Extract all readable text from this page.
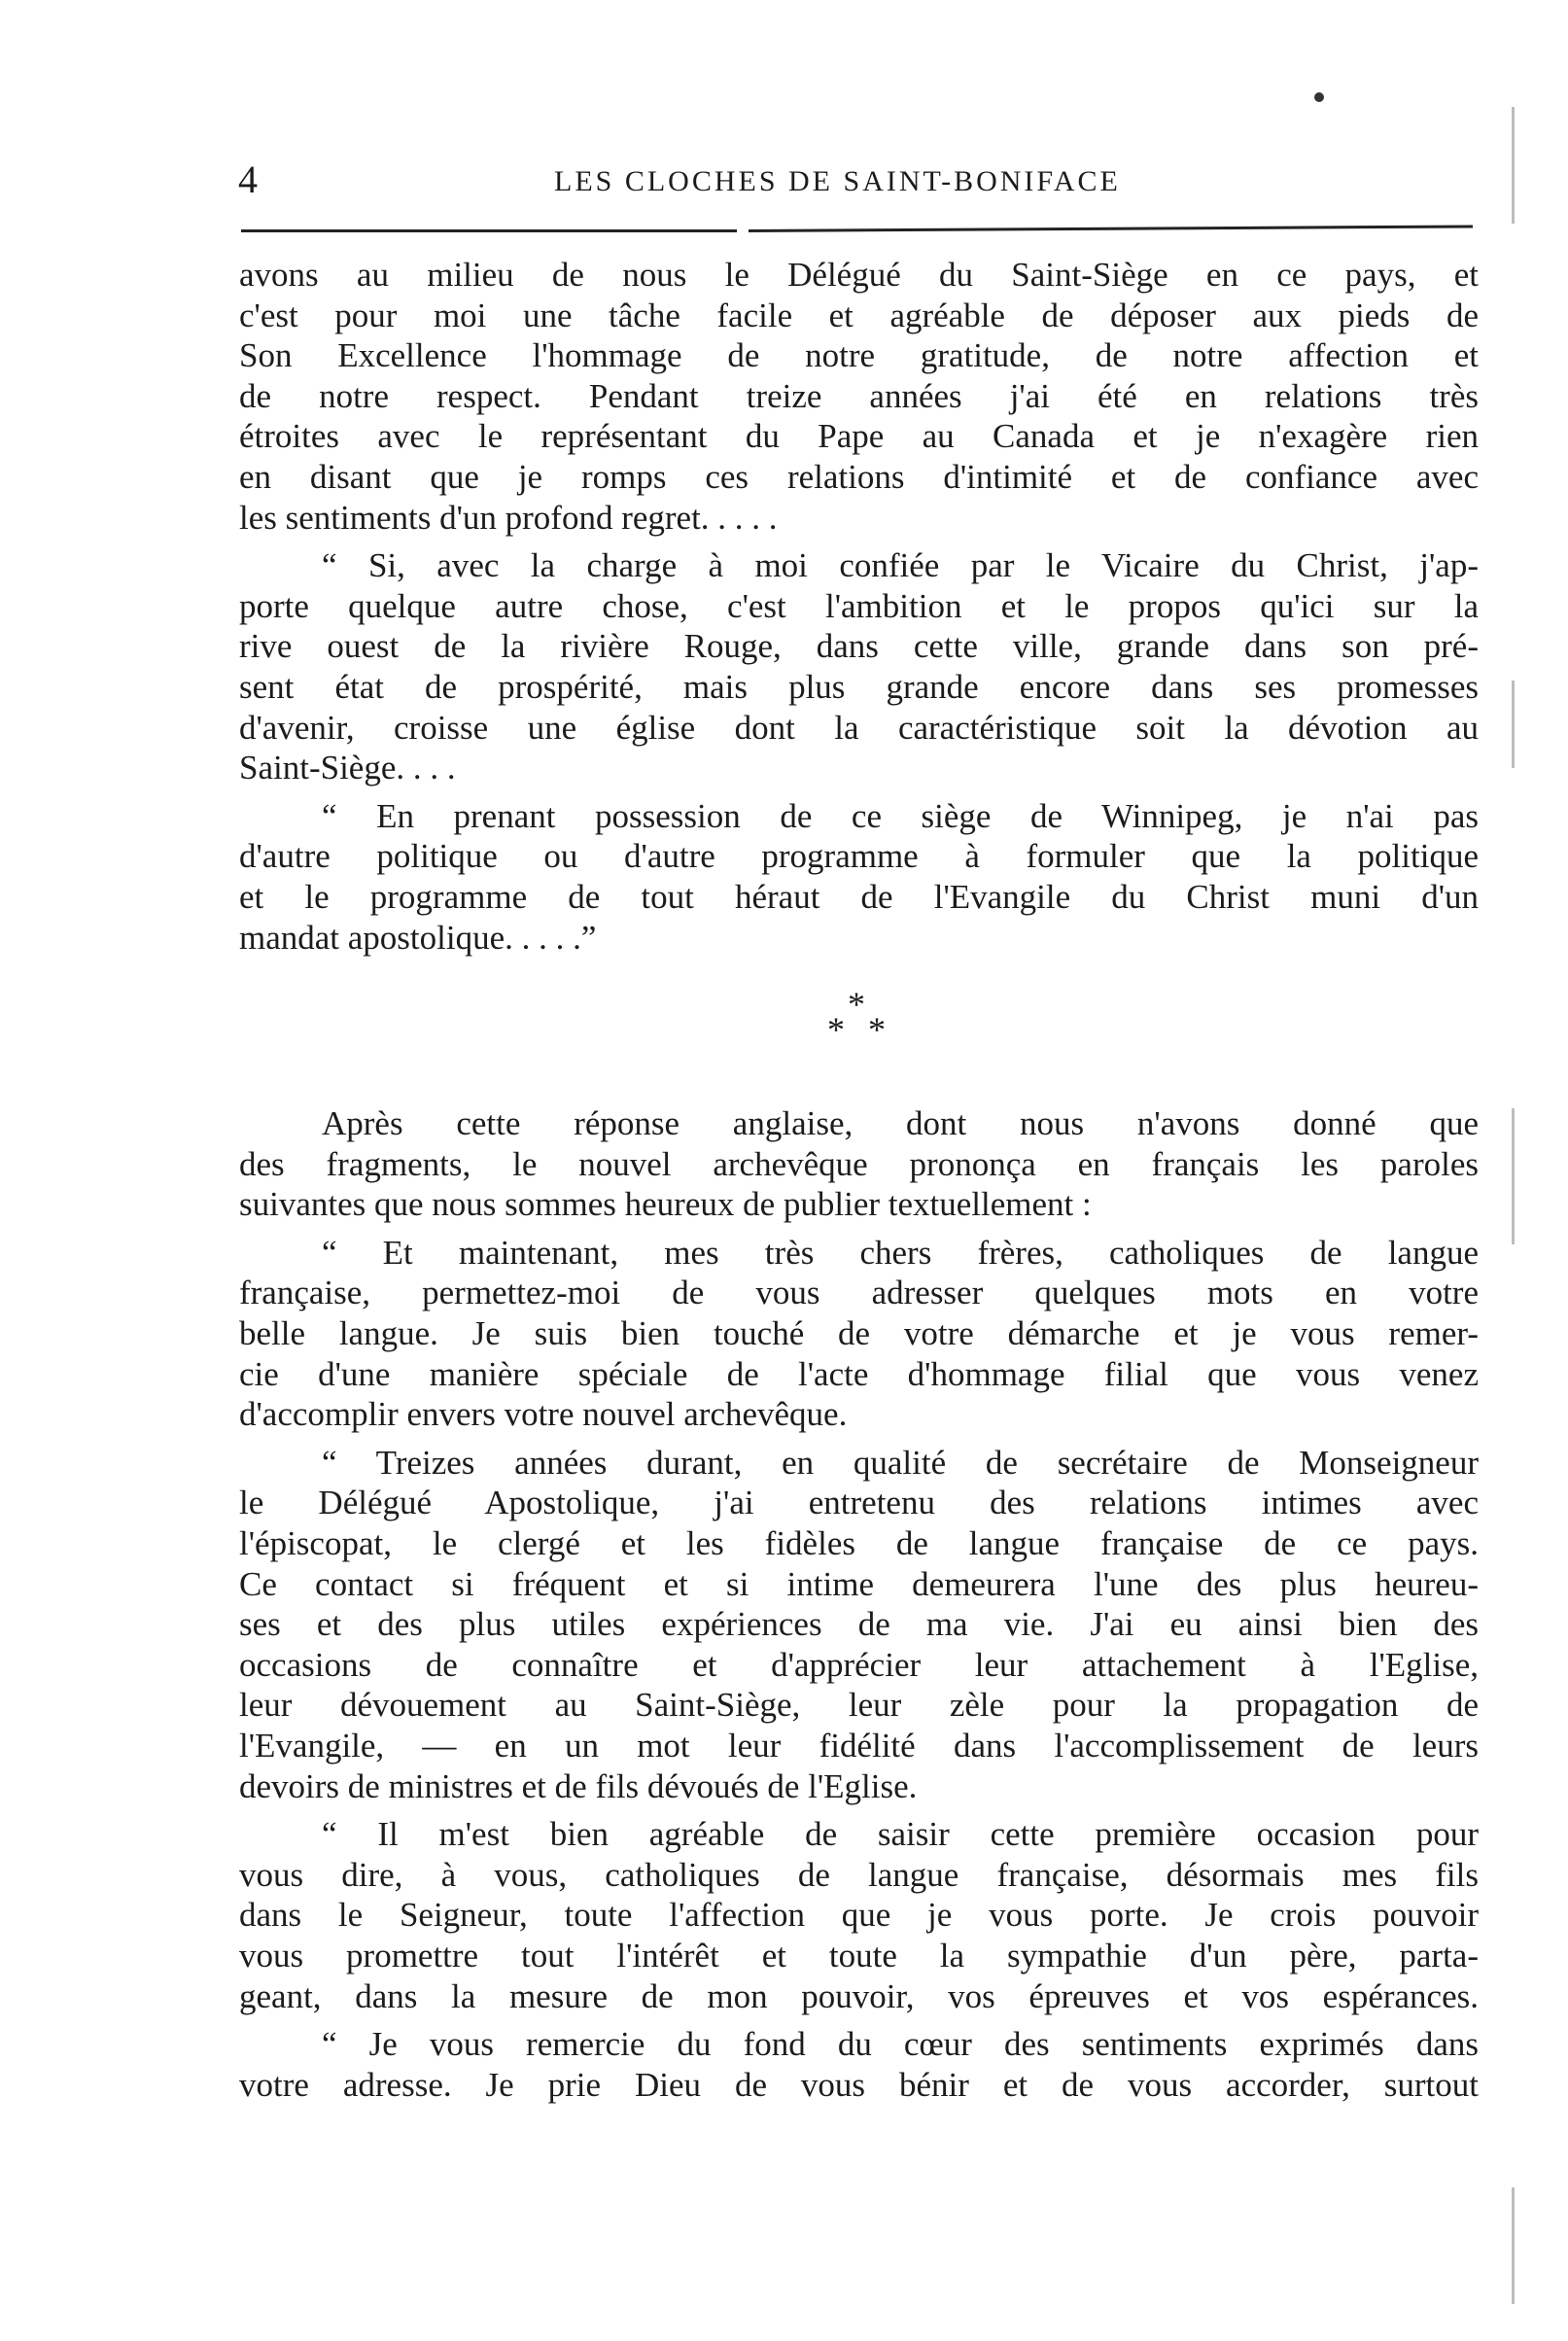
4	LES CLOCHES DE SAINT-BONIFACE
avons au milieu de nous le Délégué du Saint-Siège en ce pays, et
c'est pour moi une tâche facile et agréable de déposer aux pieds de
Son Excellence l'hommage de notre gratitude, de notre affection et
de notre respect. Pendant treize années j'ai été en relations très
étroites avec le représentant du Pape au Canada et je n'exagère rien
en disant que je romps ces relations d'intimité et de confiance avec
les sentiments d'un profond regret. . . . .
“ Si, avec la charge à moi confiée par le Vicaire du Christ, j'ap-
porte quelque autre chose, c'est l'ambition et le propos qu'ici sur la
rive ouest de la rivière Rouge, dans cette ville, grande dans son pré-
sent état de prospérité, mais plus grande encore dans ses promesses
d'avenir, croisse une église dont la caractéristique soit la dévotion au
Saint-Siège. . . .
“ En prenant possession de ce siège de Winnipeg, je n'ai pas
d'autre politique ou d'autre programme à formuler que la politique
et le programme de tout héraut de l'Evangile du Christ muni d'un
mandat apostolique. . . . .”
*
* *
Après cette réponse anglaise, dont nous n'avons donné que
des fragments, le nouvel archevêque prononça en français les paroles
suivantes que nous sommes heureux de publier textuellement :
“ Et maintenant, mes très chers frères, catholiques de langue
française, permettez-moi de vous adresser quelques mots en votre
belle langue. Je suis bien touché de votre démarche et je vous remer-
cie d'une manière spéciale de l'acte d'hommage filial que vous venez
d'accomplir envers votre nouvel archevêque.
“ Treizes années durant, en qualité de secrétaire de Monseigneur
le Délégué Apostolique, j'ai entretenu des relations intimes avec
l'épiscopat, le clergé et les fidèles de langue française de ce pays.
Ce contact si fréquent et si intime demeurera l'une des plus heureu-
ses et des plus utiles expériences de ma vie. J'ai eu ainsi bien des
occasions de connaître et d'apprécier leur attachement à l'Eglise,
leur dévouement au Saint-Siège, leur zèle pour la propagation de
l'Evangile, — en un mot leur fidélité dans l'accomplissement de leurs
devoirs de ministres et de fils dévoués de l'Eglise.
“ Il m'est bien agréable de saisir cette première occasion pour
vous dire, à vous, catholiques de langue française, désormais mes fils
dans le Seigneur, toute l'affection que je vous porte. Je crois pouvoir
vous promettre tout l'intérêt et toute la sympathie d'un père, parta-
geant, dans la mesure de mon pouvoir, vos épreuves et vos espérances.
“ Je vous remercie du fond du cœur des sentiments exprimés dans
votre adresse. Je prie Dieu de vous bénir et de vous accorder, surtout
